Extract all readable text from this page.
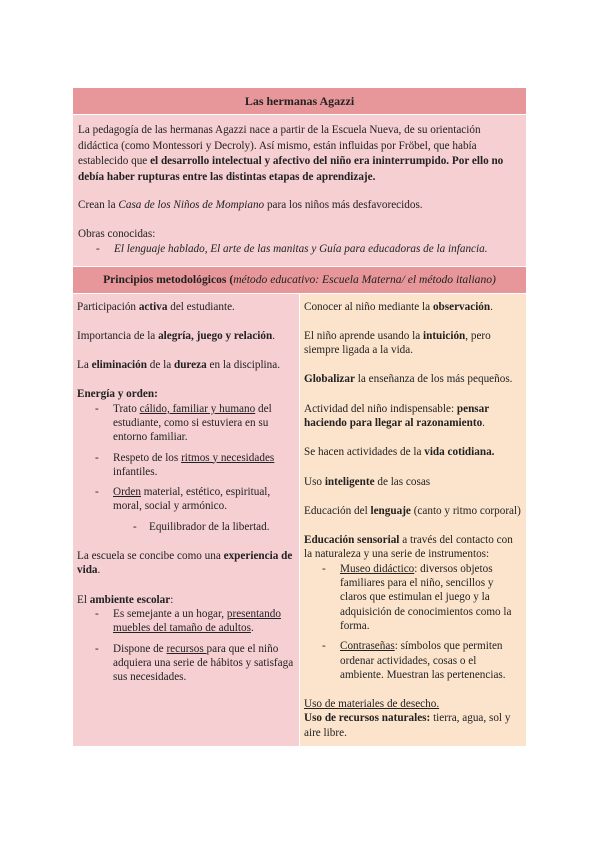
Las hermanas Agazzi

La pedagogía de las hermanas Agazzi nace a partir de la Escuela Nueva, de su orientación didáctica (como Montessori y Decroly). Así mismo, están influidas por Fröbel, que había establecido que el desarrollo intelectual y afectivo del niño era ininterrumpido. Por ello no debía haber rupturas entre las distintas etapas de aprendizaje.

Crean la Casa de los Niños de Mompiano para los niños más desfavorecidos.

Obras conocidas:

- El lenguaje hablado, El arte de las manitas y Guía para educadoras de la infancia.
Principios metodológicos ( método educativo: Escuela Materna/ el método italiano)

Participación activa del estudiante.

Importancia de la alegría, juego y relación.

La eliminación de la dureza en la disciplina.

Energía y orden:

- Trato cálido, familiar y humano del estudiante, como si estuviera en su entorno familiar.
- Respeto de los ritmos y necesidades infantiles.
- Orden material, estético, espiritual, moral, social y armónico.
- Equilibrador de la libertad.

La escuela se concibe como una experiencia de vida.

El ambiente escolar:

- Es semejante a un hogar, presentando muebles del tamaño de adultos.
- Dispone de recursos para que el niño adquiera una serie de hábitos y satisfaga sus necesidades.

Conocer al niño mediante la observación.

El niño aprende usando la intuición, pero siempre ligada a la vida.

Globalizar la enseñanza de los más pequeños.

Actividad del niño indispensable: pensar haciendo para llegar al razonamiento.

Se hacen actividades de la vida cotidiana.

Uso inteligente de las cosas

Educación del lenguaje (canto y ritmo corporal)

Educación sensorial a través del contacto con la naturaleza y una serie de instrumentos:

- Museo didáctico: diversos objetos familiares para el niño, sencillos y claros que estimulan el juego y la adquisición de conocimientos como la forma.
- Contraseñas: símbolos que permiten ordenar actividades, cosas o el ambiente. Muestran las pertenencias.

Uso de materiales de desecho.

Uso de recursos naturales: tierra, agua, sol y aire libre.
